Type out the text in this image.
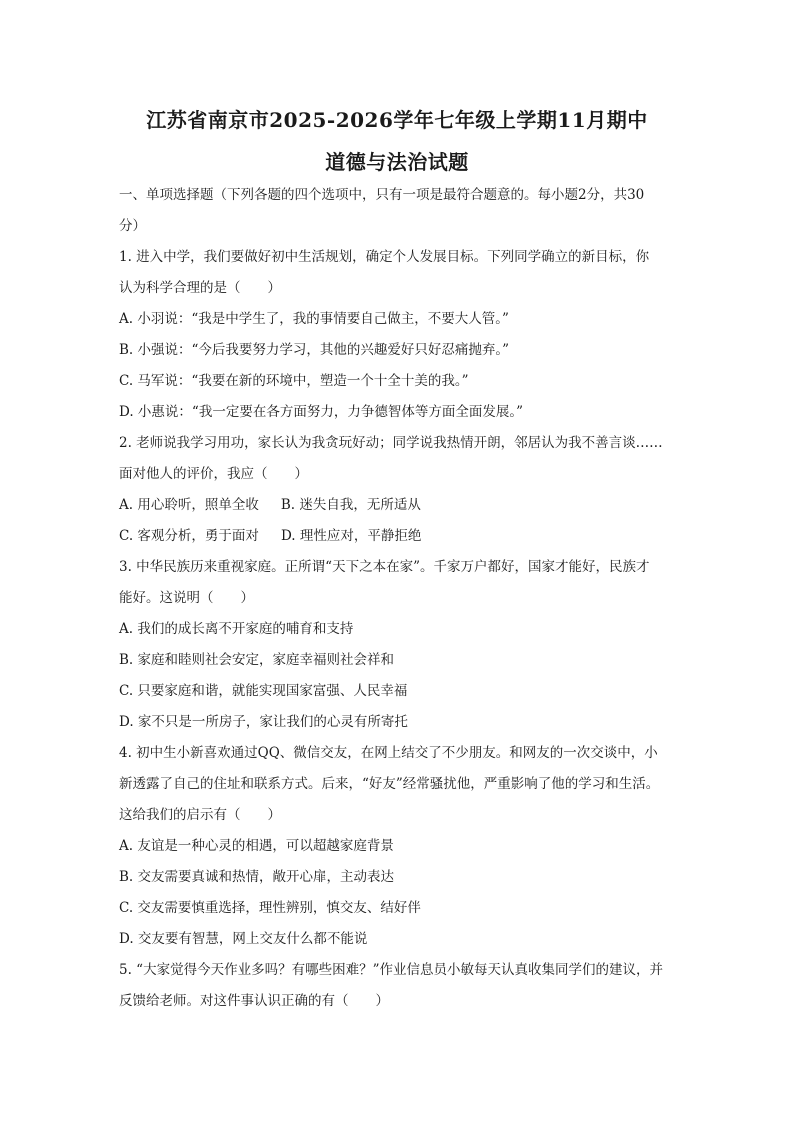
江苏省南京市2025-2026学年七年级上学期11月期中
道德与法治试题
一、单项选择题（下列各题的四个选项中，只有一项是最符合题意的。每小题2分，共30
分）
1. 进入中学，我们要做好初中生活规划，确定个人发展目标。下列同学确立的新目标，你
认为科学合理的是（　　）
A. 小羽说：“我是中学生了，我的事情要自己做主，不要大人管。”
B. 小强说：“今后我要努力学习，其他的兴趣爱好只好忍痛抛弃。”
C. 马军说：“我要在新的环境中，塑造一个十全十美的我。”
D. 小惠说：“我一定要在各方面努力，力争德智体等方面全面发展。”
2. 老师说我学习用功，家长认为我贪玩好动；同学说我热情开朗，邻居认为我不善言谈……
面对他人的评价，我应（　　）
A. 用心聆听，照单全收 B. 迷失自我，无所适从
C. 客观分析，勇于面对 D. 理性应对，平静拒绝
3. 中华民族历来重视家庭。正所谓“天下之本在家”。千家万户都好，国家才能好，民族才
能好。这说明（　　）
A. 我们的成长离不开家庭的哺育和支持
B. 家庭和睦则社会安定，家庭幸福则社会祥和
C. 只要家庭和谐，就能实现国家富强、人民幸福
D. 家不只是一所房子，家让我们的心灵有所寄托
4. 初中生小新喜欢通过QQ、微信交友，在网上结交了不少朋友。和网友的一次交谈中，小
新透露了自己的住址和联系方式。后来，“好友”经常骚扰他，严重影响了他的学习和生活。
这给我们的启示有（　　）
A. 友谊是一种心灵的相遇，可以超越家庭背景
B. 交友需要真诚和热情，敞开心扉，主动表达
C. 交友需要慎重选择，理性辨别，慎交友、结好伴
D. 交友要有智慧，网上交友什么都不能说
5. “大家觉得今天作业多吗？有哪些困难？”作业信息员小敏每天认真收集同学们的建议，并
反馈给老师。对这件事认识正确的有（　　）
